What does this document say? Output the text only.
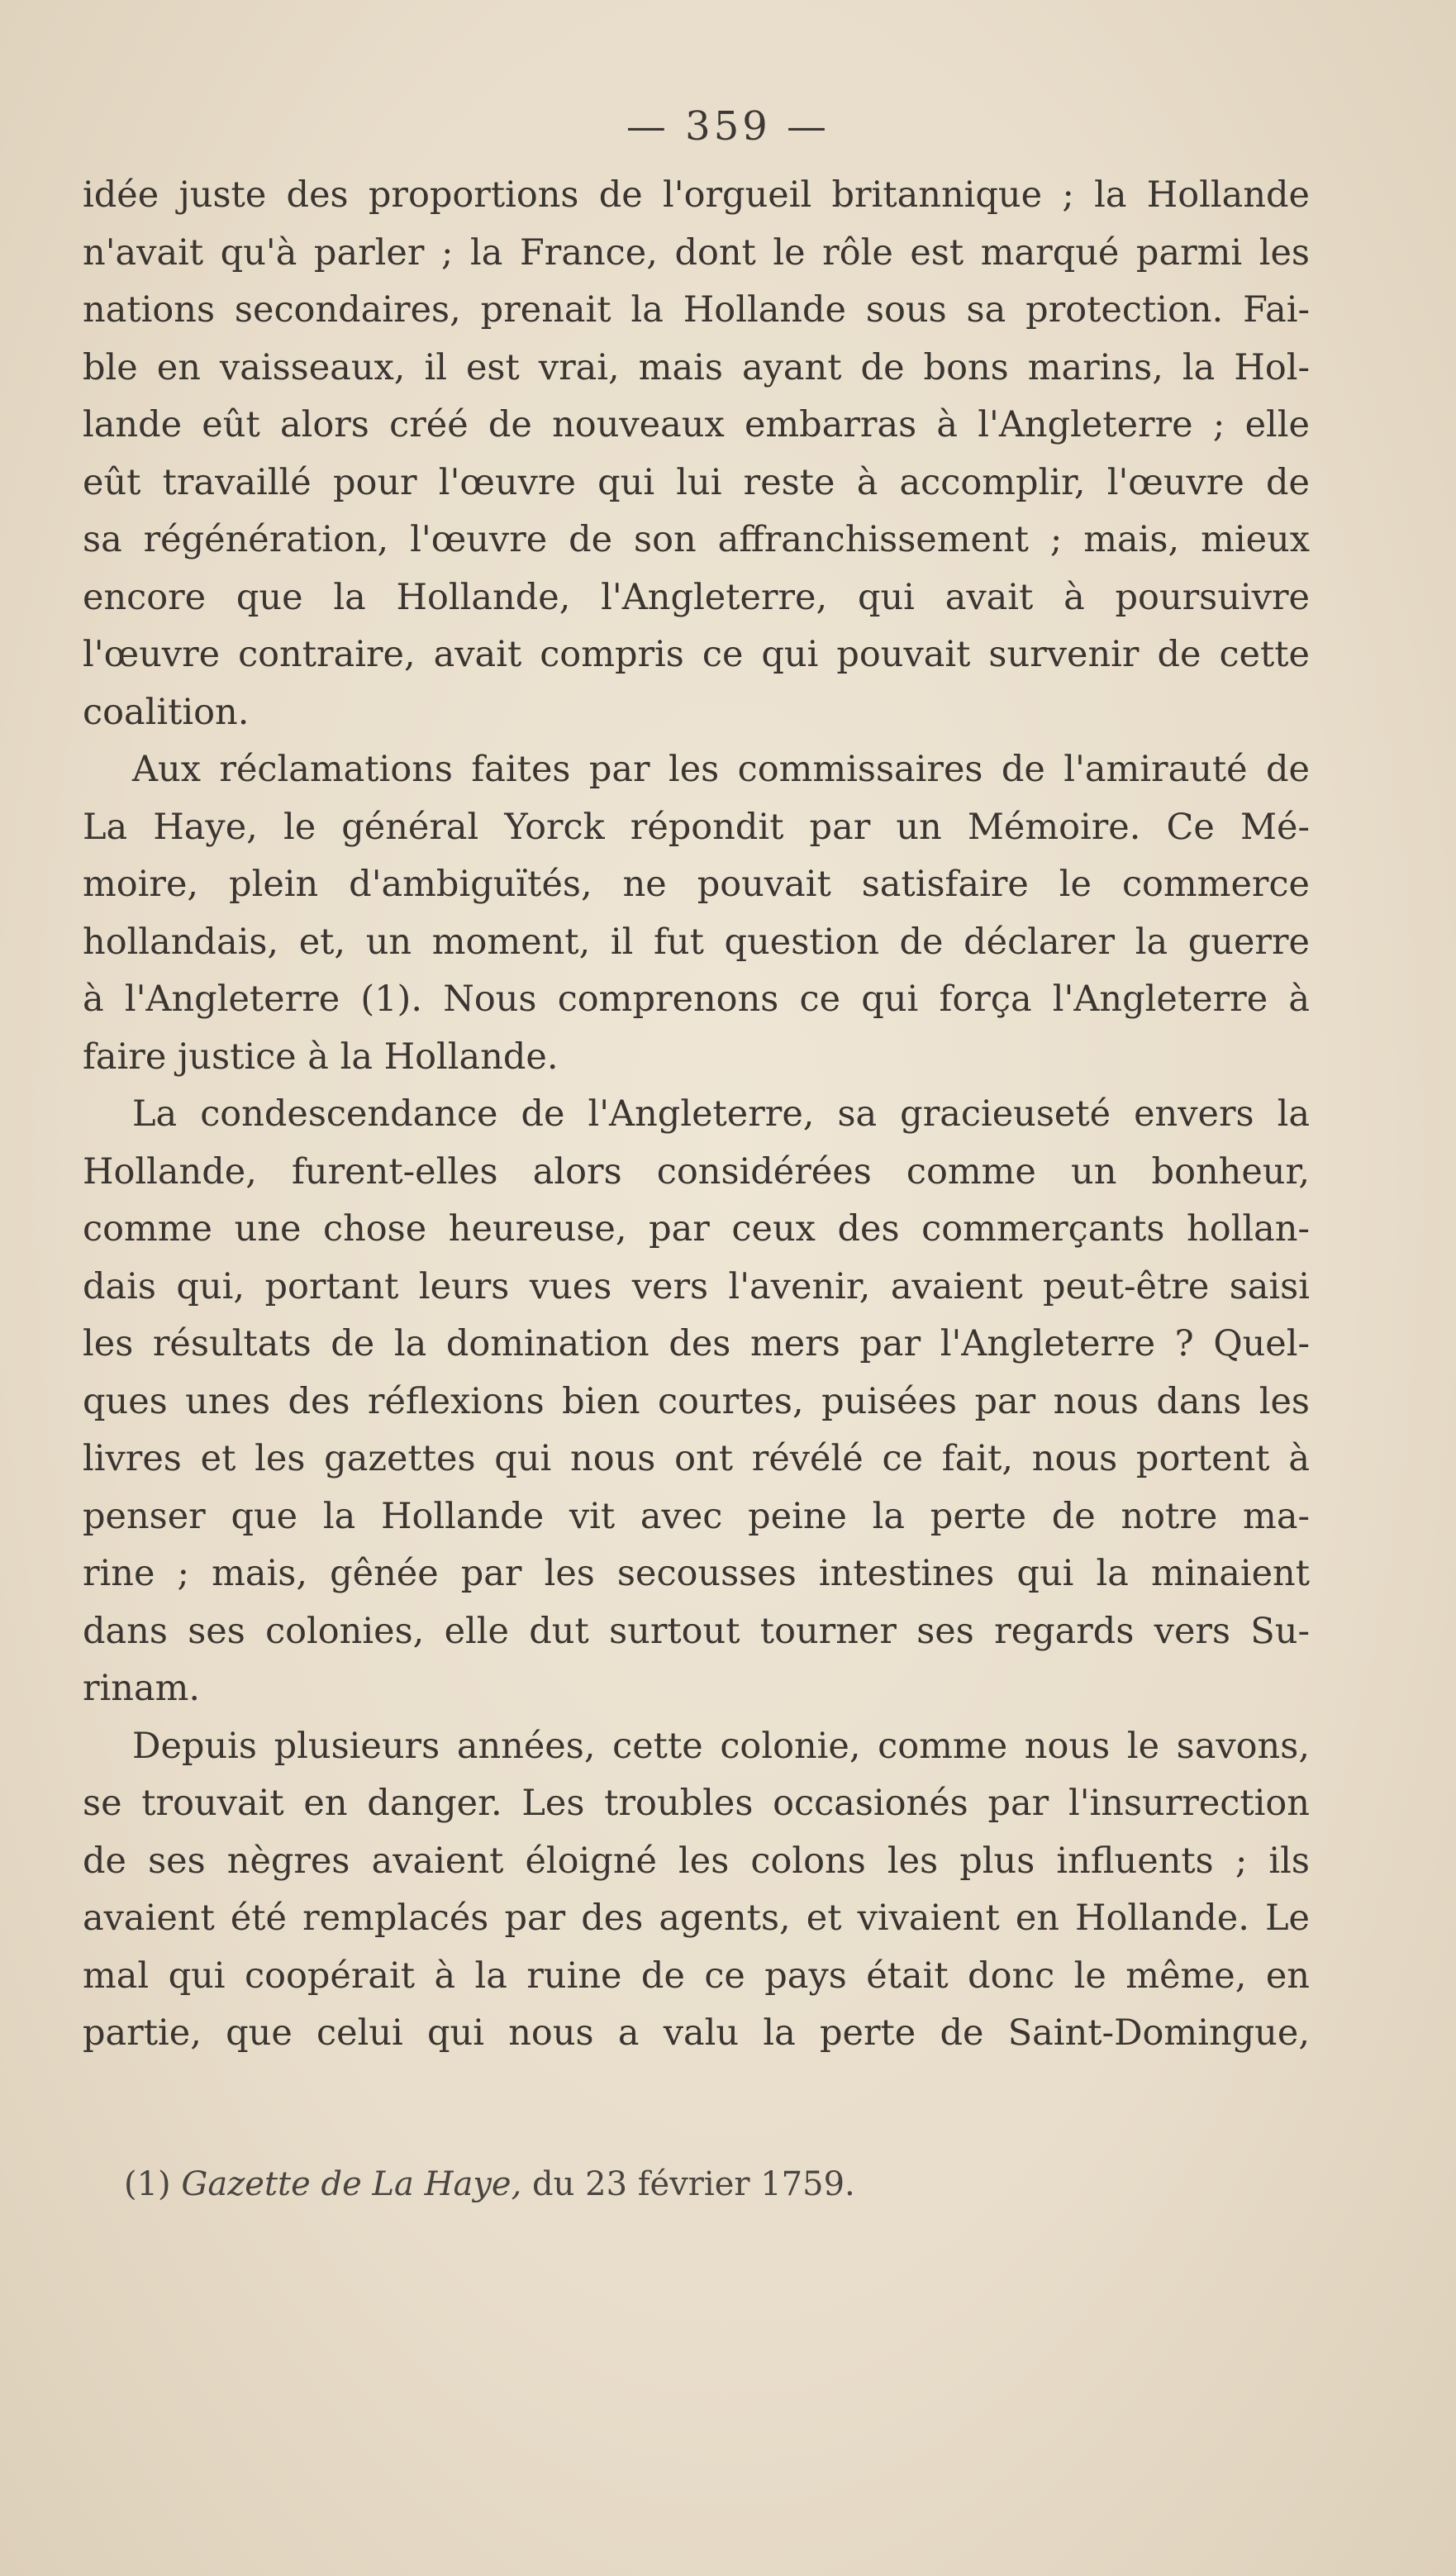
— 359 —
idée juste des proportions de l'orgueil britannique ; la Hollande
n'avait qu'à parler ; la France, dont le rôle est marqué parmi les
nations secondaires, prenait la Hollande sous sa protection. Fai-
ble en vaisseaux, il est vrai, mais ayant de bons marins, la Hol-
lande eût alors créé de nouveaux embarras à l'Angleterre ; elle
eût travaillé pour l'œuvre qui lui reste à accomplir, l'œuvre de
sa régénération, l'œuvre de son affranchissement ; mais, mieux
encore que la Hollande, l'Angleterre, qui avait à poursuivre
l'œuvre contraire, avait compris ce qui pouvait survenir de cette
coalition.
Aux réclamations faites par les commissaires de l'amirauté de
La Haye, le général Yorck répondit par un Mémoire. Ce Mé-
moire, plein d'ambiguïtés, ne pouvait satisfaire le commerce
hollandais, et, un moment, il fut question de déclarer la guerre
à l'Angleterre (1). Nous comprenons ce qui força l'Angleterre à
faire justice à la Hollande.
La condescendance de l'Angleterre, sa gracieuseté envers la
Hollande, furent-elles alors considérées comme un bonheur,
comme une chose heureuse, par ceux des commerçants hollan-
dais qui, portant leurs vues vers l'avenir, avaient peut-être saisi
les résultats de la domination des mers par l'Angleterre ? Quel-
ques unes des réflexions bien courtes, puisées par nous dans les
livres et les gazettes qui nous ont révélé ce fait, nous portent à
penser que la Hollande vit avec peine la perte de notre ma-
rine ; mais, gênée par les secousses intestines qui la minaient
dans ses colonies, elle dut surtout tourner ses regards vers Su-
rinam.
Depuis plusieurs années, cette colonie, comme nous le savons,
se trouvait en danger. Les troubles occasionés par l'insurrection
de ses nègres avaient éloigné les colons les plus influents ; ils
avaient été remplacés par des agents, et vivaient en Hollande. Le
mal qui coopérait à la ruine de ce pays était donc le même, en
partie, que celui qui nous a valu la perte de Saint-Domingue,
(1) Gazette de La Haye, du 23 février 1759.
